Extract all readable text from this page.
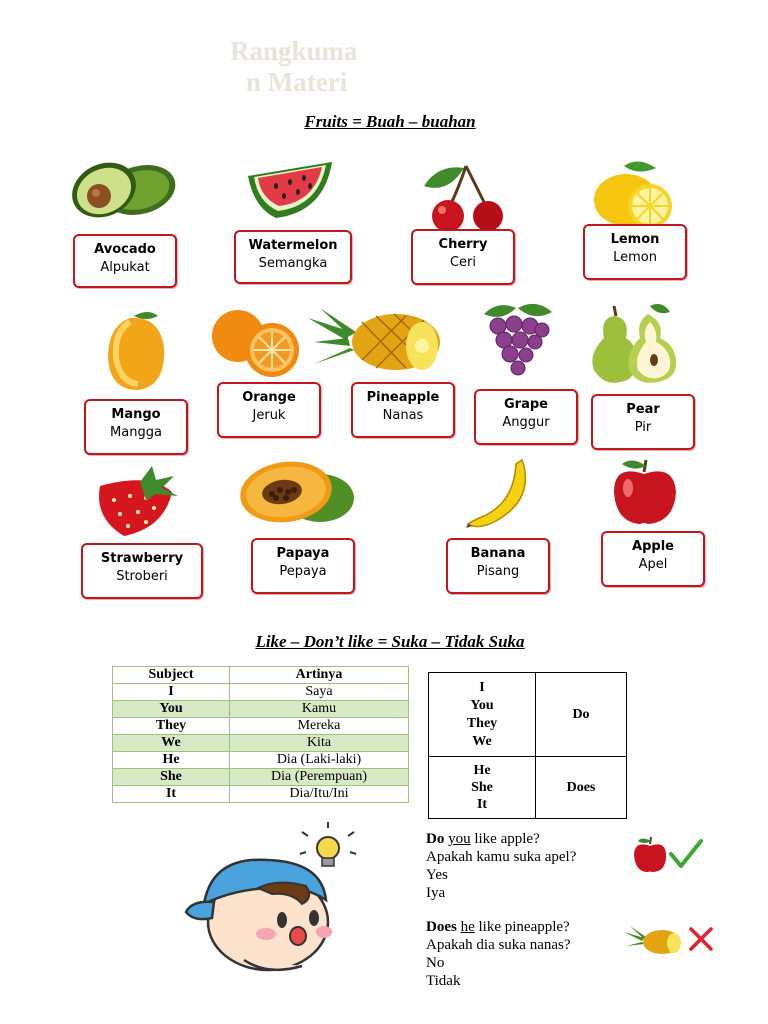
Rangkuma
n Materi
Fruits = Buah – buahan
Avocado
Alpukat
Watermelon
Semangka
Cherry
Ceri
Lemon
Lemon
Mango
Mangga
Orange
Jeruk
Pineapple
Nanas
Grape
Anggur
Pear
Pir
Strawberry
Stroberi
Papaya
Pepaya
Banana
Pisang
Apple
Apel
Like – Don’t like = Suka – Tidak Suka
Subject	Artinya
I	Saya
You	Kamu
They	Mereka
We	Kita
He	Dia (Laki-laki)
She	Dia (Perempuan)
It	Dia/Itu/Ini
I
You
They
We	Do

He
She
It	Does
Do you like apple?
Apakah kamu suka apel?
Yes
Iya
Does he like pineapple?
Apakah dia suka nanas?
No
Tidak
